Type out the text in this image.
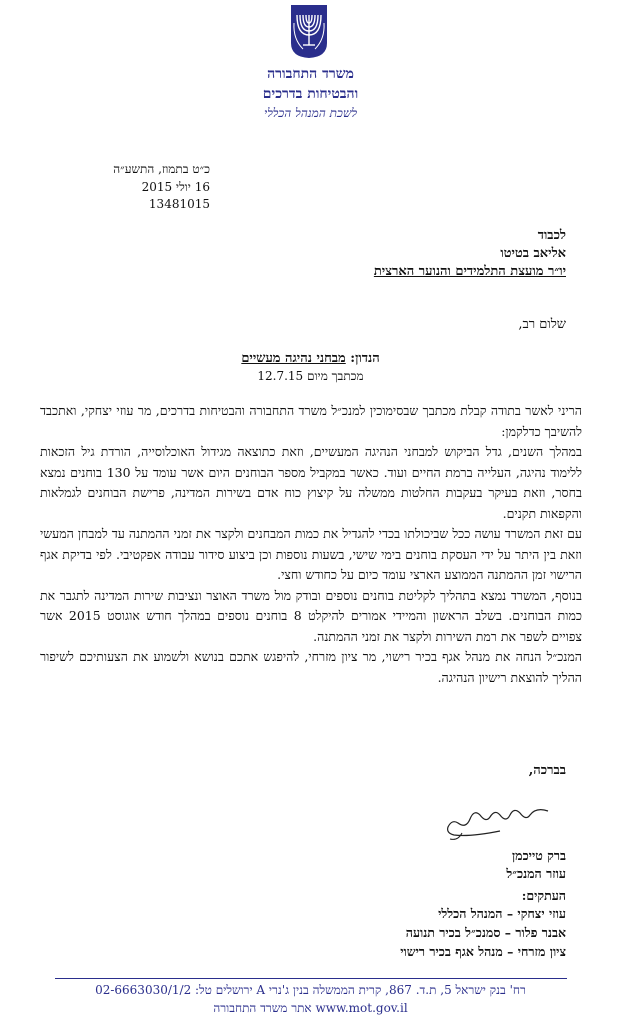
משרד התחבורה
והבטיחות בדרכים
לשכת המנהל הכללי
כ״ט בתמוז, התשע״ה
16 יולי 2015
13481015
לכבוד
אליאב בטיטו
יו״ר מועצת התלמידים והנוער הארצית
שלום רב,
הנדון: מבחני נהיגה מעשיים
מכתבך מיום 12.7.15

הריני לאשר בתודה קבלת מכתבך שבסימוכין למנכ״ל משרד התחבורה והבטיחות בדרכים, מר עוזי יצחקי, ואתכבד להשיבך כדלקמן:

במהלך השנים, גדל הביקוש למבחני הנהיגה המעשיים, וזאת כתוצאה מגידול האוכלוסייה, הורדת גיל הזכאות ללימוד נהיגה, העלייה ברמת החיים ועוד. כאשר במקביל מספר הבוחנים היום אשר עומד על 130 בוחנים נמצא בחסר, וזאת בעיקר בעקבות החלטות ממשלה על קיצוץ כוח אדם בשירות המדינה, פרישת הבוחנים לגמלאות והקפאות תקנים.

עם זאת המשרד עושה ככל שביכולתו בכדי להגדיל את כמות המבחנים ולקצר את זמני ההמתנה עד למבחן המעשי וזאת בין היתר על ידי העסקת בוחנים בימי שישי, בשעות נוספות וכן ביצוע סידור עבודה אפקטיבי. לפי בדיקת אגף הרישוי זמן ההמתנה הממוצע הארצי עומד כיום על כחודש וחצי.

בנוסף, המשרד נמצא בתהליך לקליטת בוחנים נוספים ובודק מול משרד האוצר ונציבות שירות המדינה לתגבר את כמות הבוחנים. בשלב הראשון והמיידי אמורים להיקלט 8 בוחנים נוספים במהלך חודש אוגוסט 2015 אשר צפויים לשפר את רמת השירות ולקצר את זמני ההמתנה.

המנכ״ל הנחה את מנהל אגף בכיר רישוי, מר ציון מזרחי, להיפגש אתכם בנושא ולשמוע את הצעותיכם לשיפור ההליך להוצאת רישיון הנהיגה.

בברכה,
ברק טייכמן
עוזר המנכ״ל
העתקים:
עוזי יצחקי – המנהל הכללי
אבנר פלור – סמנכ״ל בכיר תנועה
ציון מזרחי – מנהל אגף בכיר רישוי
רח' בנק ישראל 5, ת.ד. 867, קרית הממשלה בנין ג'נרי A ירושלים טל: 02-6663030/1/2
www.mot.gov.il אתר משרד התחבורה
